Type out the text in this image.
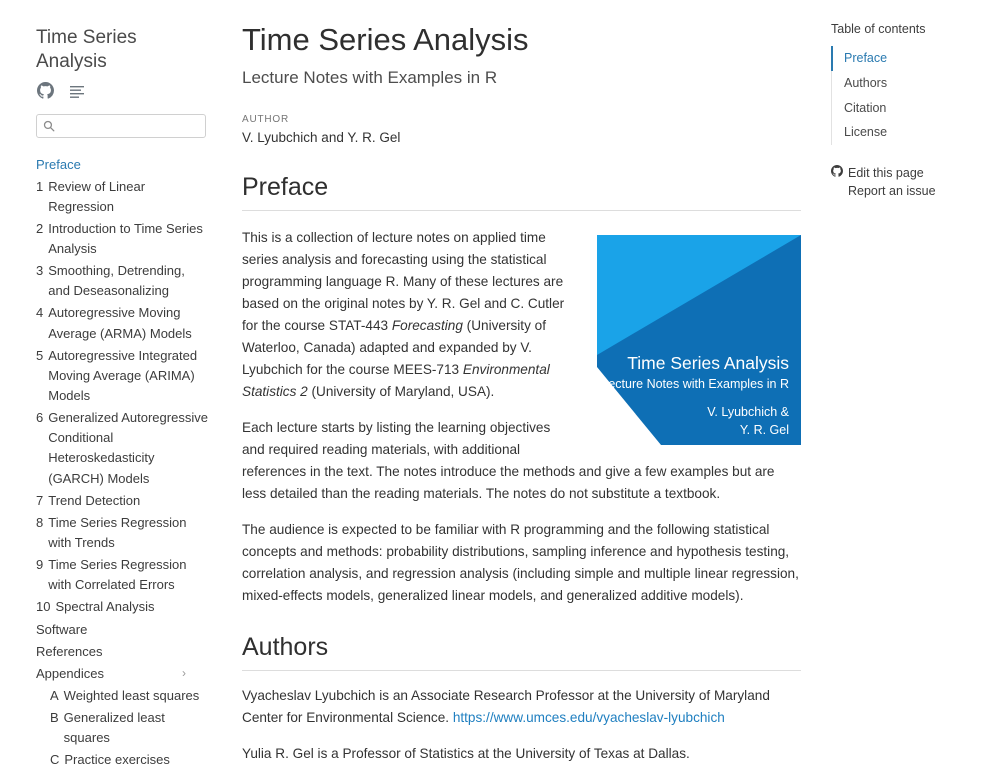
Time Series Analysis
Preface
1 Review of Linear Regression
2 Introduction to Time Series Analysis
3 Smoothing, Detrending, and Deseasonalizing
4 Autoregressive Moving Average (ARMA) Models
5 Autoregressive Integrated Moving Average (ARIMA) Models
6 Generalized Autoregressive Conditional Heteroskedasticity (GARCH) Models
7 Trend Detection
8 Time Series Regression with Trends
9 Time Series Regression with Correlated Errors
10 Spectral Analysis
Software
References
Appendices	›
A Weighted least squares
B Generalized least squares
C Practice exercises
Time Series Analysis
Lecture Notes with Examples in R
AUTHOR
V. Lyubchich and Y. R. Gel
Preface
Time Series Analysis
Lecture Notes with Examples in R
V. Lyubchich &
Y. R. Gel

This is a collection of lecture notes on applied time series analysis and forecasting using the statistical programming language R. Many of these lectures are based on the original notes by Y. R. Gel and C. Cutler for the course STAT-443 Forecasting (University of Waterloo, Canada) adapted and expanded by V. Lyubchich for the course MEES-713 Environmental Statistics 2 (University of Maryland, USA).

Each lecture starts by listing the learning objectives and required reading materials, with additional references in the text. The notes introduce the methods and give a few examples but are less detailed than the reading materials. The notes do not substitute a textbook.

The audience is expected to be familiar with R programming and the following statistical concepts and methods: probability distributions, sampling inference and hypothesis testing, correlation analysis, and regression analysis (including simple and multiple linear regression, mixed-effects models, generalized linear models, and generalized additive models).

Authors

Vyacheslav Lyubchich is an Associate Research Professor at the University of Maryland Center for Environmental Science. https://www.umces.edu/vyacheslav-lyubchich

Yulia R. Gel is a Professor of Statistics at the University of Texas at Dallas.

Table of contents
Preface
Authors
Citation
License
Edit this page
Report an issue
